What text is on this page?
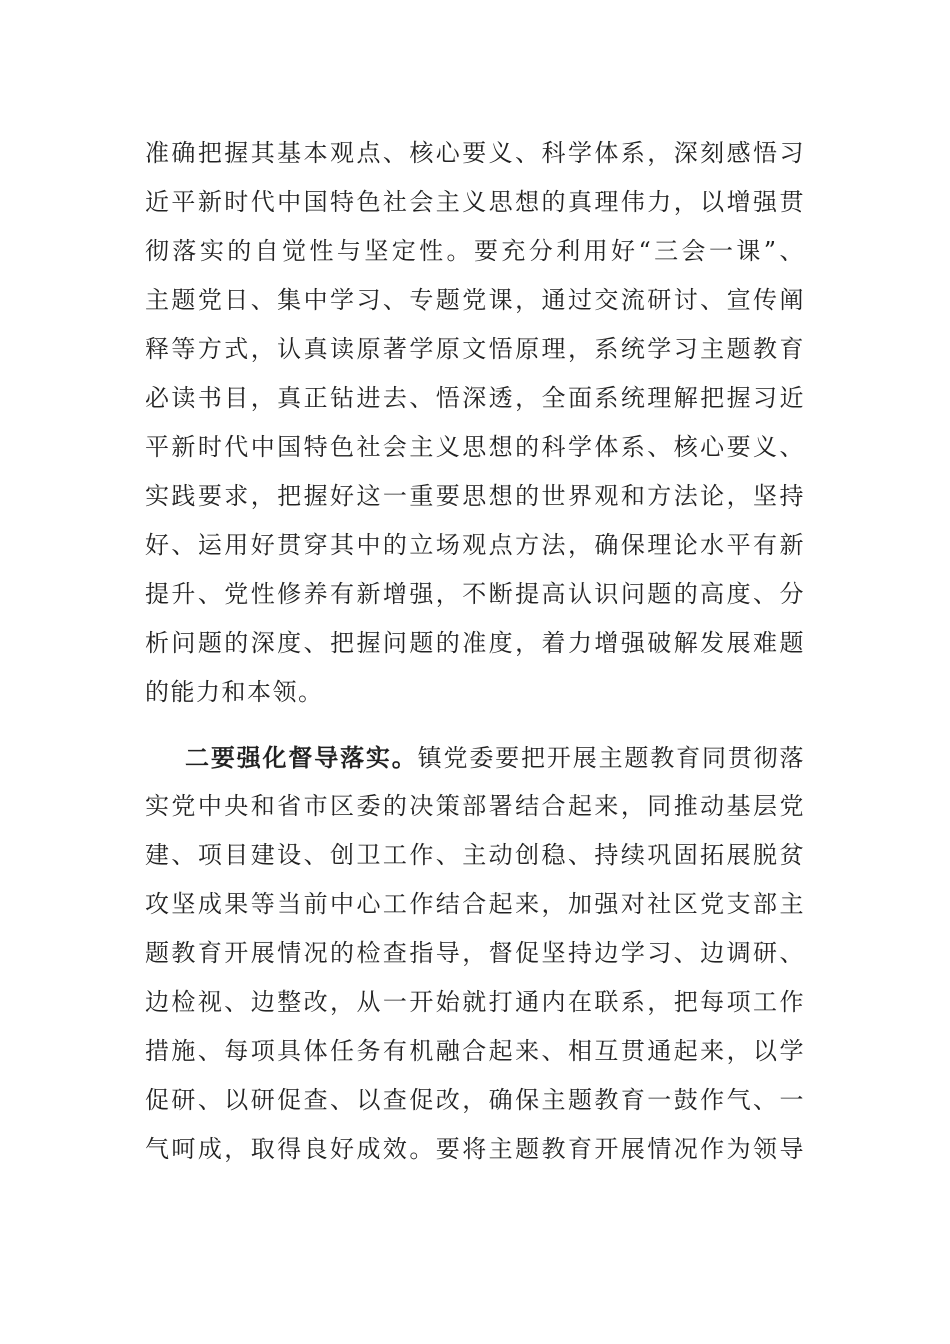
准确把握其基本观点、核心要义、科学体系，深刻感悟习
近平新时代中国特色社会主义思想的真理伟力，以增强贯
彻落实的自觉性与坚定性。要充分利用好“三会一课”、
主题党日、集中学习、专题党课，通过交流研讨、宣传阐
释等方式，认真读原著学原文悟原理，系统学习主题教育
必读书目，真正钻进去、悟深透，全面系统理解把握习近
平新时代中国特色社会主义思想的科学体系、核心要义、
实践要求，把握好这一重要思想的世界观和方法论，坚持
好、运用好贯穿其中的立场观点方法，确保理论水平有新
提升、党性修养有新增强，不断提高认识问题的高度、分
析问题的深度、把握问题的准度，着力增强破解发展难题
的能力和本领。
二要强化督导落实。镇党委要把开展主题教育同贯彻落
实党中央和省市区委的决策部署结合起来，同推动基层党
建、项目建设、创卫工作、主动创稳、持续巩固拓展脱贫
攻坚成果等当前中心工作结合起来，加强对社区党支部主
题教育开展情况的检查指导，督促坚持边学习、边调研、
边检视、边整改，从一开始就打通内在联系，把每项工作
措施、每项具体任务有机融合起来、相互贯通起来，以学
促研、以研促查、以查促改，确保主题教育一鼓作气、一
气呵成，取得良好成效。要将主题教育开展情况作为领导
